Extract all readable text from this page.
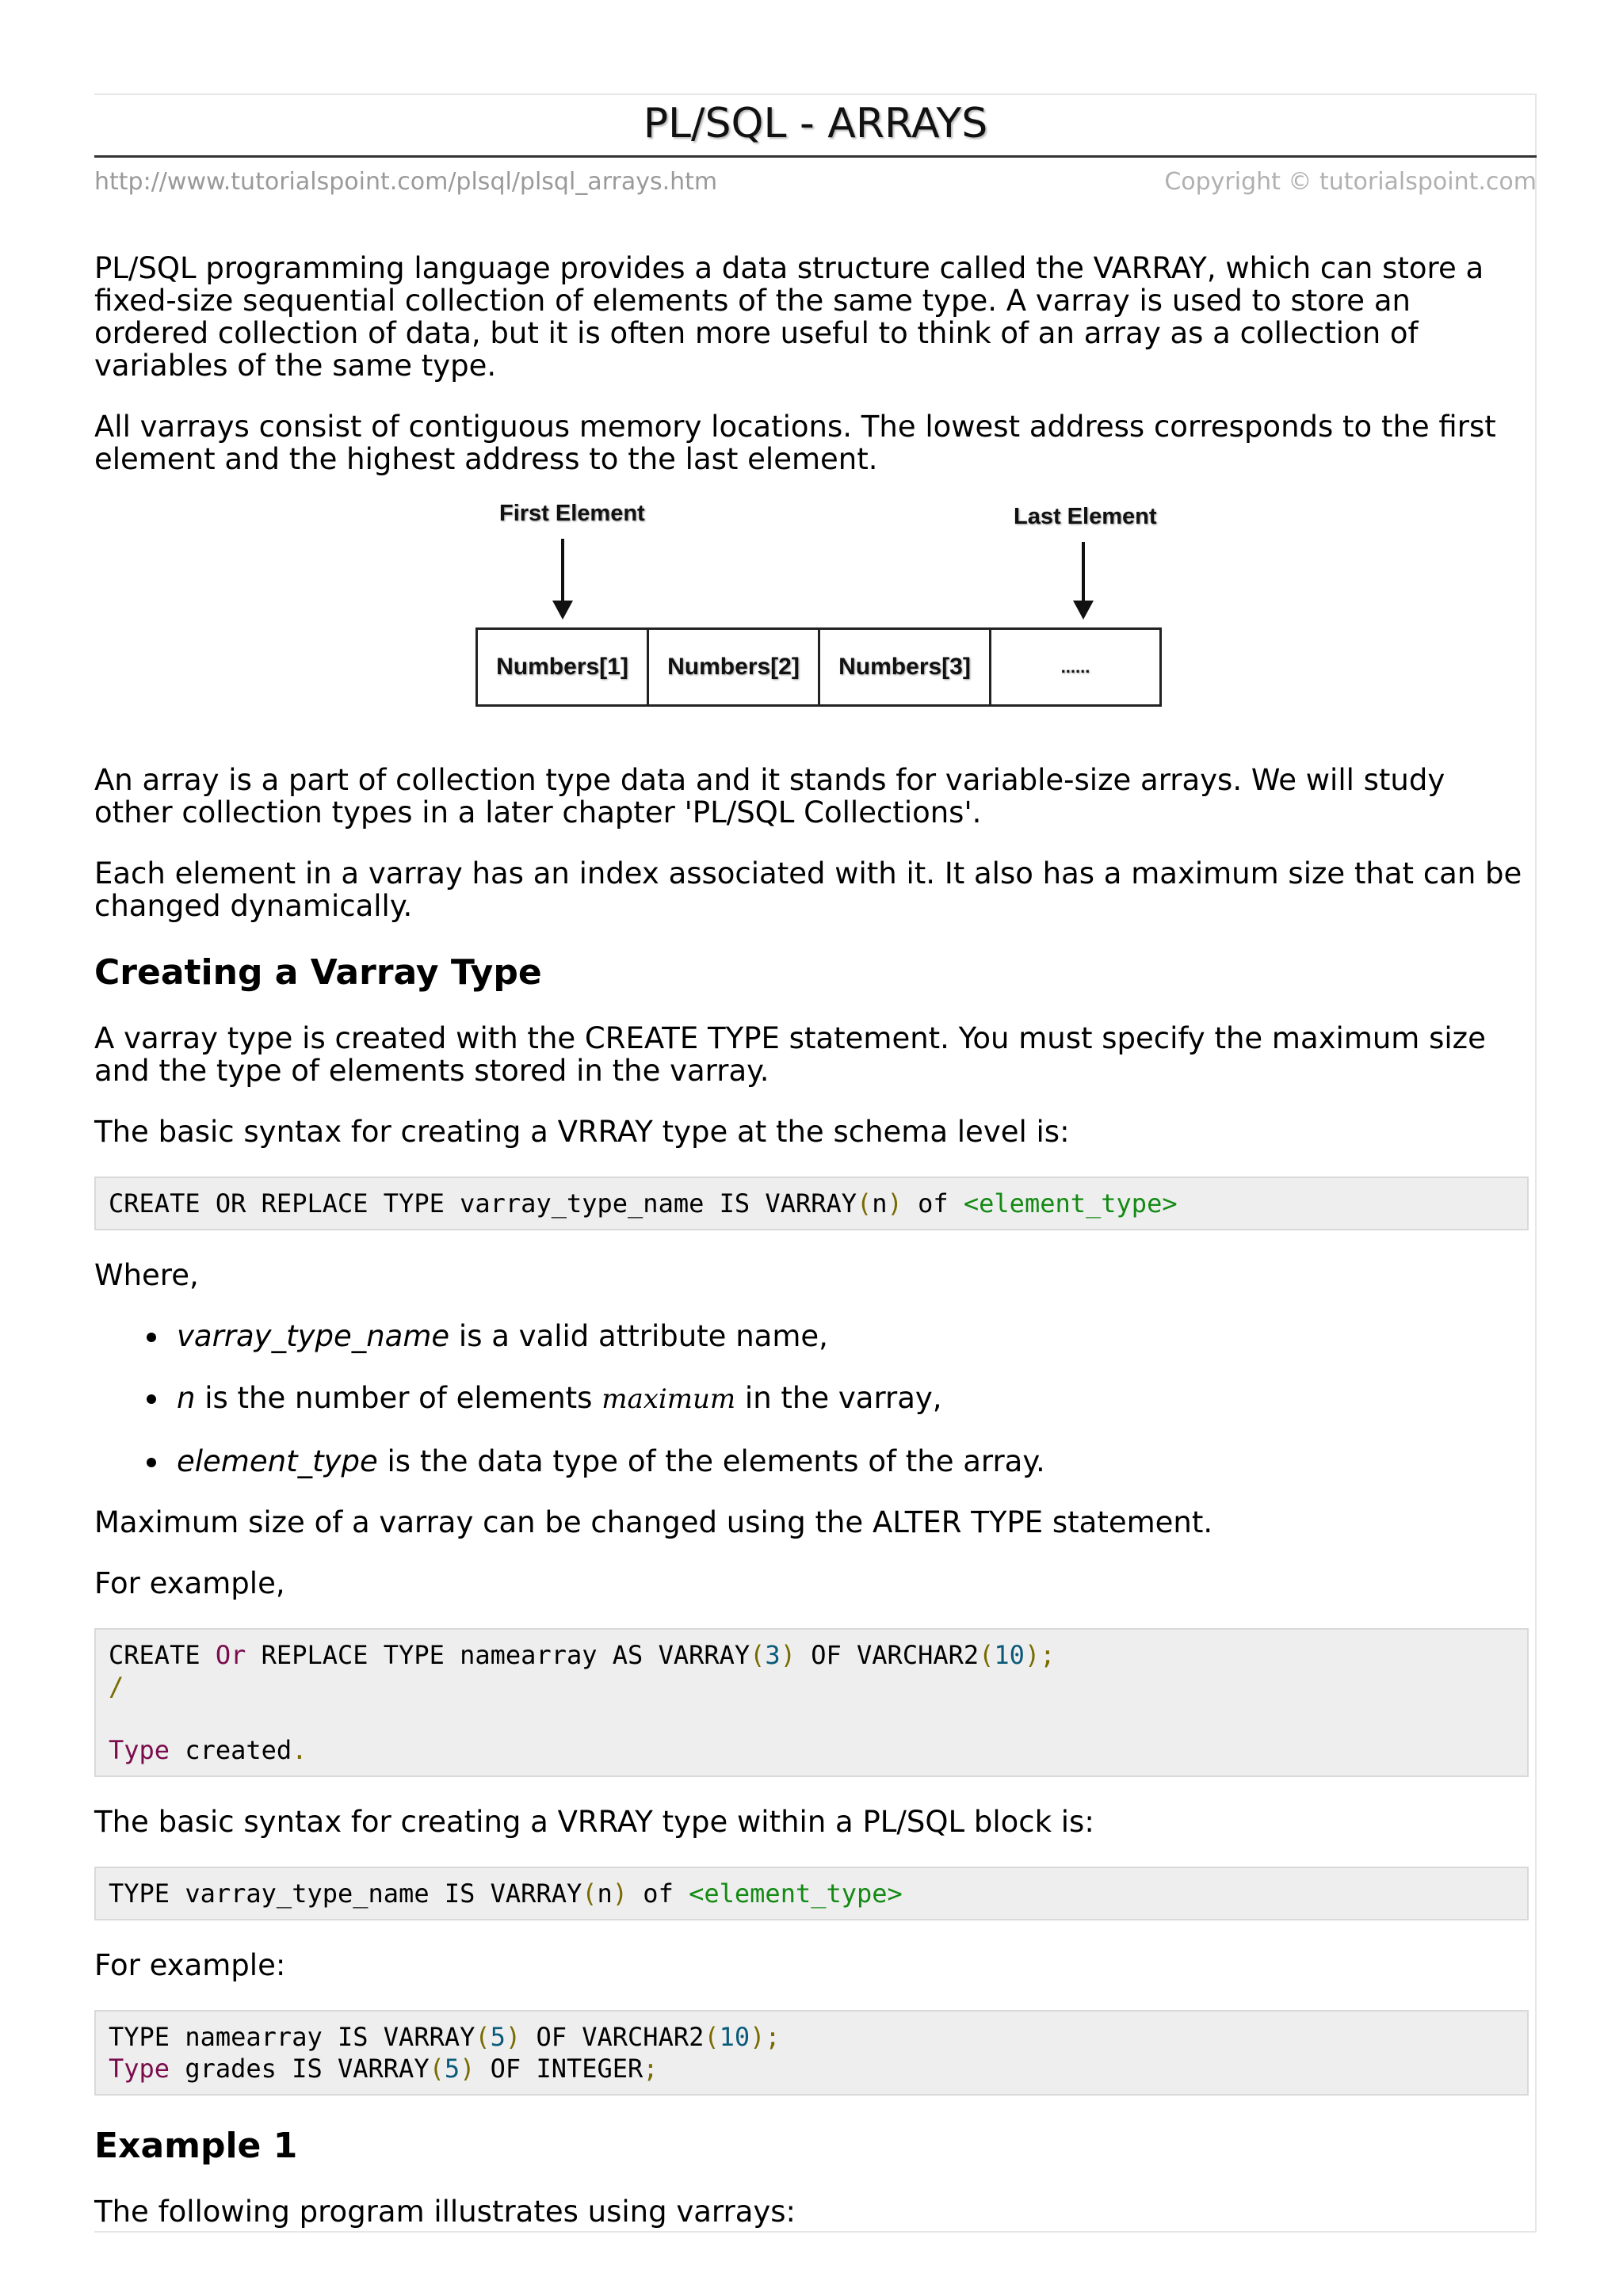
PL/SQL - ARRAYS
http://www.tutorialspoint.com/plsql/plsql_arrays.htm	Copyright © tutorialspoint.com

PL/SQL programming language provides a data structure called the VARRAY, which can store a fixed-size sequential collection of elements of the same type. A varray is used to store an ordered collection of data, but it is often more useful to think of an array as a collection of variables of the same type.

All varrays consist of contiguous memory locations. The lowest address corresponds to the first element and the highest address to the last element.

First Element	Last Element
Numbers[1]	Numbers[2]	Numbers[3]	......

An array is a part of collection type data and it stands for variable-size arrays. We will study other collection types in a later chapter 'PL/SQL Collections'.

Each element in a varray has an index associated with it. It also has a maximum size that can be changed dynamically.

Creating a Varray Type

A varray type is created with the CREATE TYPE statement. You must specify the maximum size and the type of elements stored in the varray.

The basic syntax for creating a VRRAY type at the schema level is:

CREATE OR REPLACE TYPE varray_type_name IS VARRAY(n) of <element_type>

Where,

varray_type_name is a valid attribute name,
n is the number of elements maximum in the varray,
element_type is the data type of the elements of the array.

Maximum size of a varray can be changed using the ALTER TYPE statement.

For example,

CREATE Or REPLACE TYPE namearray AS VARRAY(3) OF VARCHAR2(10);
/

Type created.

The basic syntax for creating a VRRAY type within a PL/SQL block is:

TYPE varray_type_name IS VARRAY(n) of <element_type>

For example:

TYPE namearray IS VARRAY(5) OF VARCHAR2(10);
Type grades IS VARRAY(5) OF INTEGER;
Example 1

The following program illustrates using varrays:
